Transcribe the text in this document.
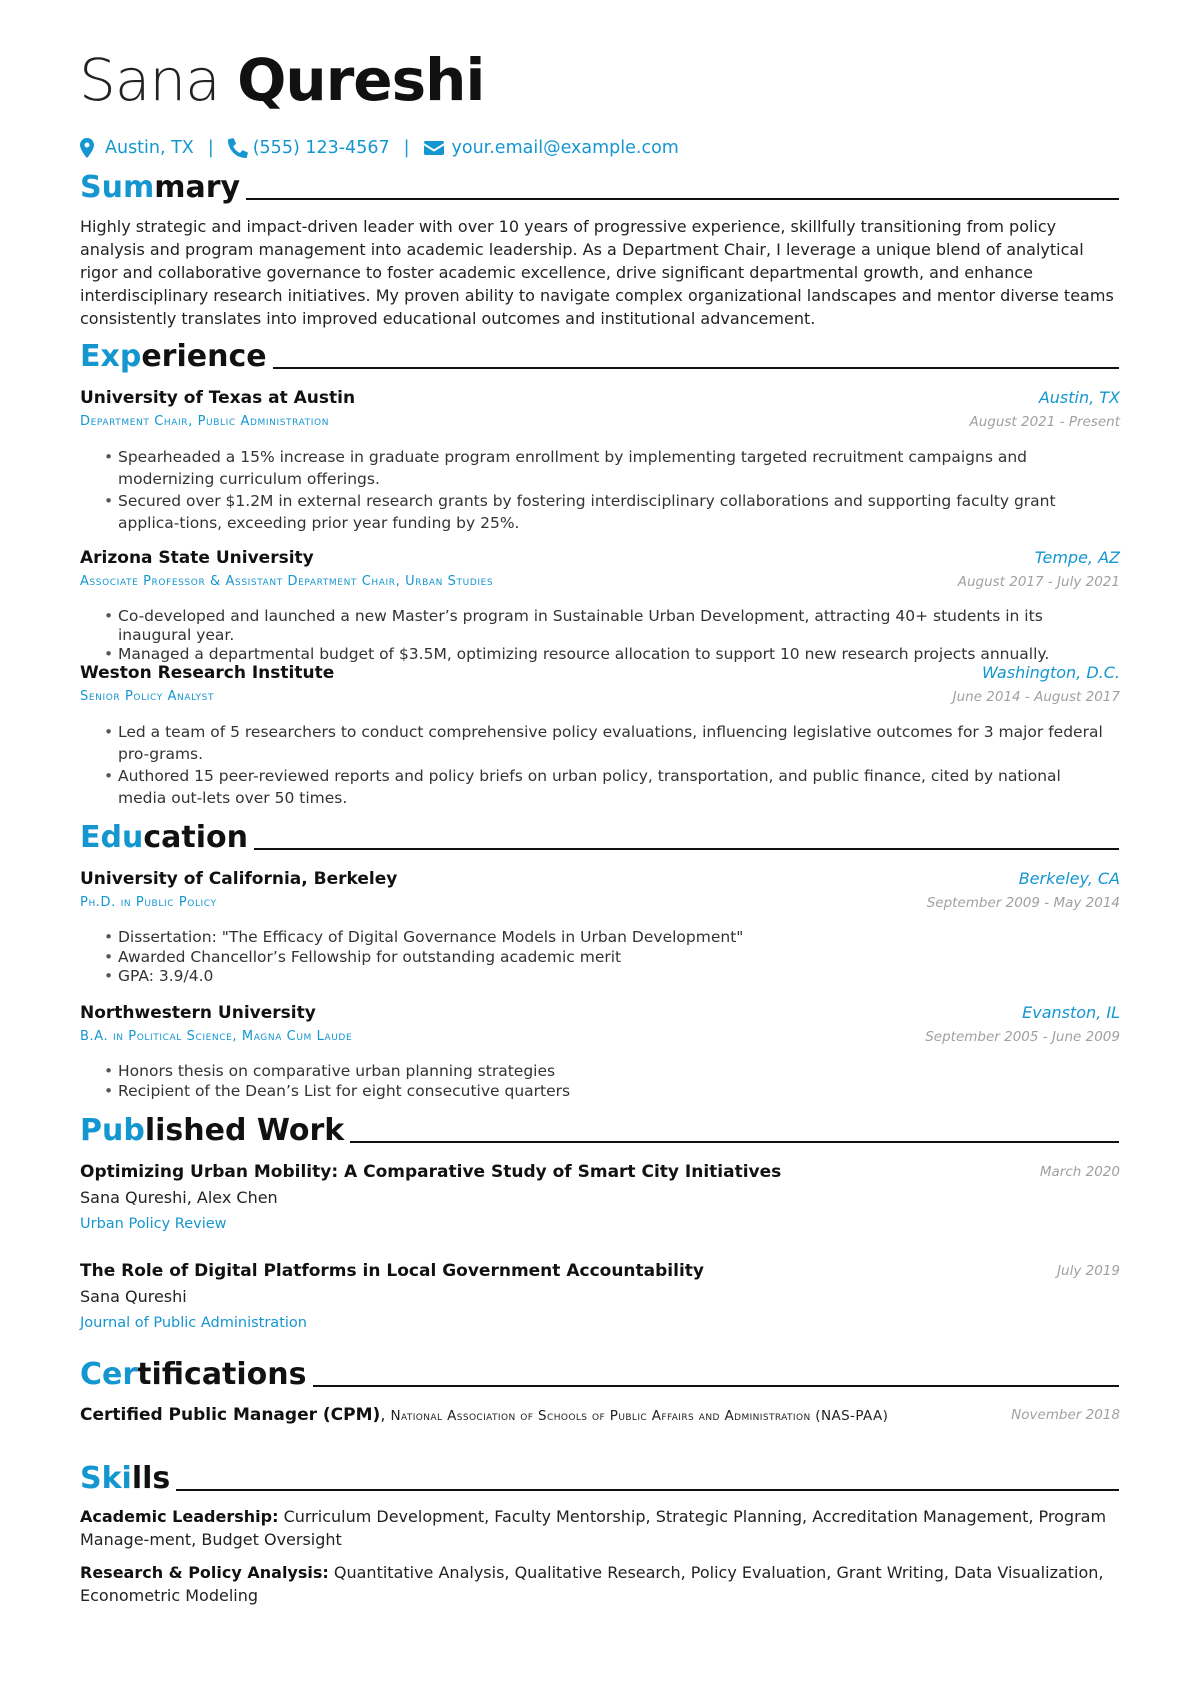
Sana Qureshi
Austin, TX | (555) 123-4567 | your.email@example.com
Summary
Highly strategic and impact-driven leader with over 10 years of progressive experience, skillfully transitioning from policy analysis and program management into academic leadership. As a Department Chair, I leverage a unique blend of analytical rigor and collaborative governance to foster academic excellence, drive significant departmental growth, and enhance interdisciplinary research initiatives. My proven ability to navigate complex organizational landscapes and mentor diverse teams consistently translates into improved educational outcomes and institutional advancement.
Experience
University of Texas at Austin	Austin, TX
Department Chair, Public Administration	August 2021 - Present
• Spearheaded a 15% increase in graduate program enrollment by implementing targeted recruitment campaigns and modernizing curriculum offerings.
• Secured over $1.2M in external research grants by fostering interdisciplinary collaborations and supporting faculty grant applica-tions, exceeding prior year funding by 25%.
Arizona State University	Tempe, AZ
Associate Professor & Assistant Department Chair, Urban Studies	August 2017 - July 2021
• Co-developed and launched a new Master’s program in Sustainable Urban Development, attracting 40+ students in its inaugural year.
• Managed a departmental budget of $3.5M, optimizing resource allocation to support 10 new research projects annually.
Weston Research Institute	Washington, D.C.
Senior Policy Analyst	June 2014 - August 2017
• Led a team of 5 researchers to conduct comprehensive policy evaluations, influencing legislative outcomes for 3 major federal pro-grams.
• Authored 15 peer-reviewed reports and policy briefs on urban policy, transportation, and public finance, cited by national media out-lets over 50 times.
Education
University of California, Berkeley	Berkeley, CA
Ph.D. in Public Policy	September 2009 - May 2014
• Dissertation: "The Efficacy of Digital Governance Models in Urban Development"
• Awarded Chancellor’s Fellowship for outstanding academic merit
• GPA: 3.9/4.0
Northwestern University	Evanston, IL
B.A. in Political Science, Magna Cum Laude	September 2005 - June 2009
• Honors thesis on comparative urban planning strategies
• Recipient of the Dean’s List for eight consecutive quarters
Published Work
Optimizing Urban Mobility: A Comparative Study of Smart City Initiatives	March 2020
Sana Qureshi, Alex Chen
Urban Policy Review
The Role of Digital Platforms in Local Government Accountability	July 2019
Sana Qureshi
Journal of Public Administration
Certifications
Certified Public Manager (CPM), National Association of Schools of Public Affairs and Administration (NAS-PAA)	November 2018
Skills
Academic Leadership: Curriculum Development, Faculty Mentorship, Strategic Planning, Accreditation Management, Program Manage-ment, Budget Oversight
Research & Policy Analysis: Quantitative Analysis, Qualitative Research, Policy Evaluation, Grant Writing, Data Visualization, Econometric Modeling
